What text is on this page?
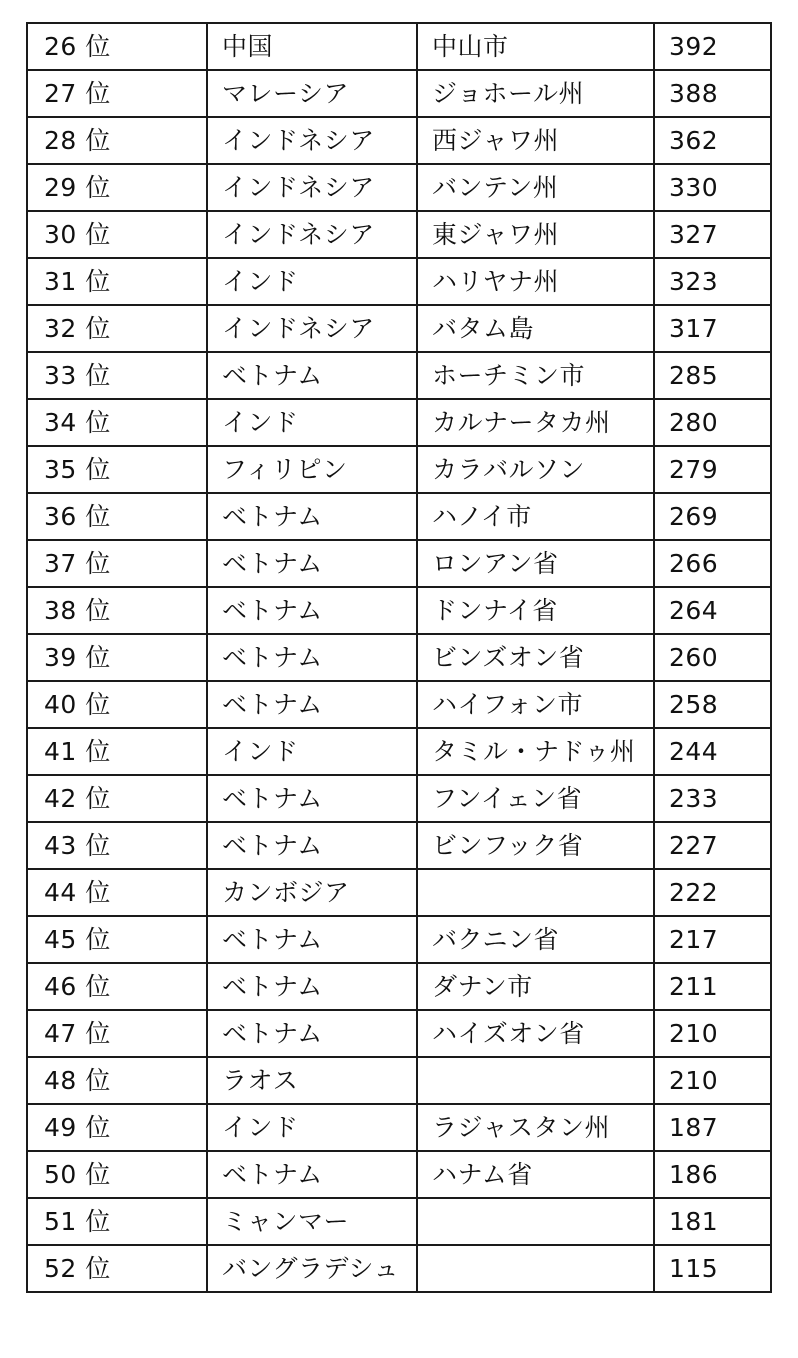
26 位	中国	中山市	392
27 位	マレーシア	ジョホール州	388
28 位	インドネシア	西ジャワ州	362
29 位	インドネシア	バンテン州	330
30 位	インドネシア	東ジャワ州	327
31 位	インド	ハリヤナ州	323
32 位	インドネシア	バタム島	317
33 位	ベトナム	ホーチミン市	285
34 位	インド	カルナータカ州	280
35 位	フィリピン	カラバルソン	279
36 位	ベトナム	ハノイ市	269
37 位	ベトナム	ロンアン省	266
38 位	ベトナム	ドンナイ省	264
39 位	ベトナム	ビンズオン省	260
40 位	ベトナム	ハイフォン市	258
41 位	インド	タミル・ナドゥ州	244
42 位	ベトナム	フンイェン省	233
43 位	ベトナム	ビンフック省	227
44 位	カンボジア		222
45 位	ベトナム	バクニン省	217
46 位	ベトナム	ダナン市	211
47 位	ベトナム	ハイズオン省	210
48 位	ラオス		210
49 位	インド	ラジャスタン州	187
50 位	ベトナム	ハナム省	186
51 位	ミャンマー		181
52 位	バングラデシュ		115
